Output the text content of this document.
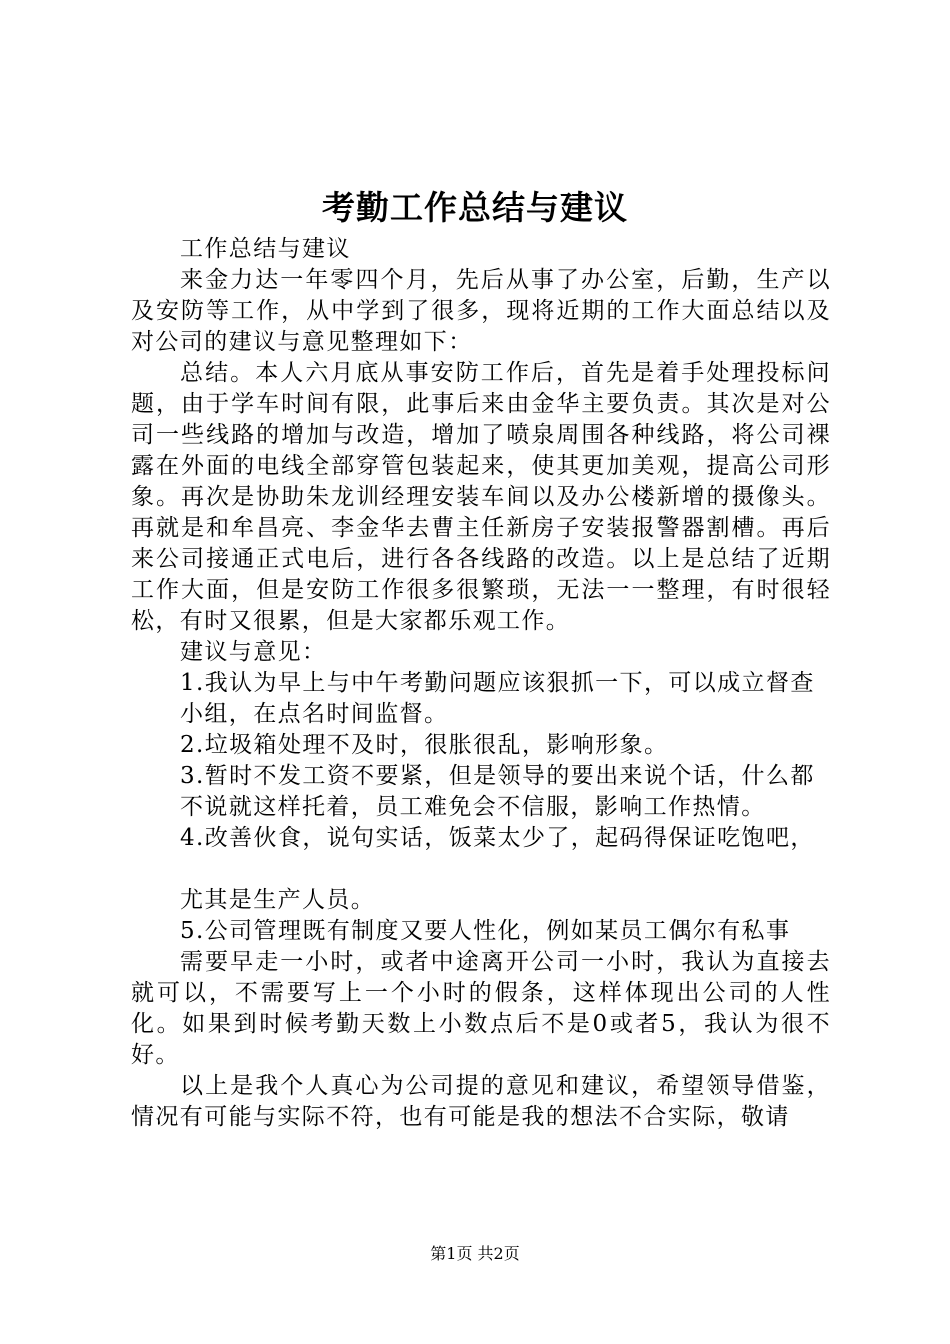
考勤工作总结与建议

工作总结与建议

来金力达一年零四个月，先后从事了办公室，后勤，生产以及安防等工作，从中学到了很多，现将近期的工作大面总结以及对公司的建议与意见整理如下：

总结。本人六月底从事安防工作后，首先是着手处理投标问题，由于学车时间有限，此事后来由金华主要负责。其次是对公司一些线路的增加与改造，增加了喷泉周围各种线路，将公司裸露在外面的电线全部穿管包装起来，使其更加美观，提高公司形象。再次是协助朱龙训经理安装车间以及办公楼新增的摄像头。再就是和牟昌亮、李金华去曹主任新房子安装报警器割槽。再后来公司接通正式电后，进行各各线路的改造。以上是总结了近期工作大面，但是安防工作很多很繁琐，无法一一整理，有时很轻松，有时又很累，但是大家都乐观工作。

建议与意见：

1.我认为早上与中午考勤问题应该狠抓一下，可以成立督查

小组，在点名时间监督。

2.垃圾箱处理不及时，很胀很乱，影响形象。

3.暂时不发工资不要紧，但是领导的要出来说个话，什么都

不说就这样托着，员工难免会不信服，影响工作热情。

4.改善伙食，说句实话，饭菜太少了，起码得保证吃饱吧，

尤其是生产人员。

5.公司管理既有制度又要人性化，例如某员工偶尔有私事

需要早走一小时，或者中途离开公司一小时，我认为直接去就可以，不需要写上一个小时的假条，这样体现出公司的人性化。如果到时候考勤天数上小数点后不是0或者5，我认为很不好。

以上是我个人真心为公司提的意见和建议，希望领导借鉴，情况有可能与实际不符，也有可能是我的想法不合实际，敬请

第1页 共2页
